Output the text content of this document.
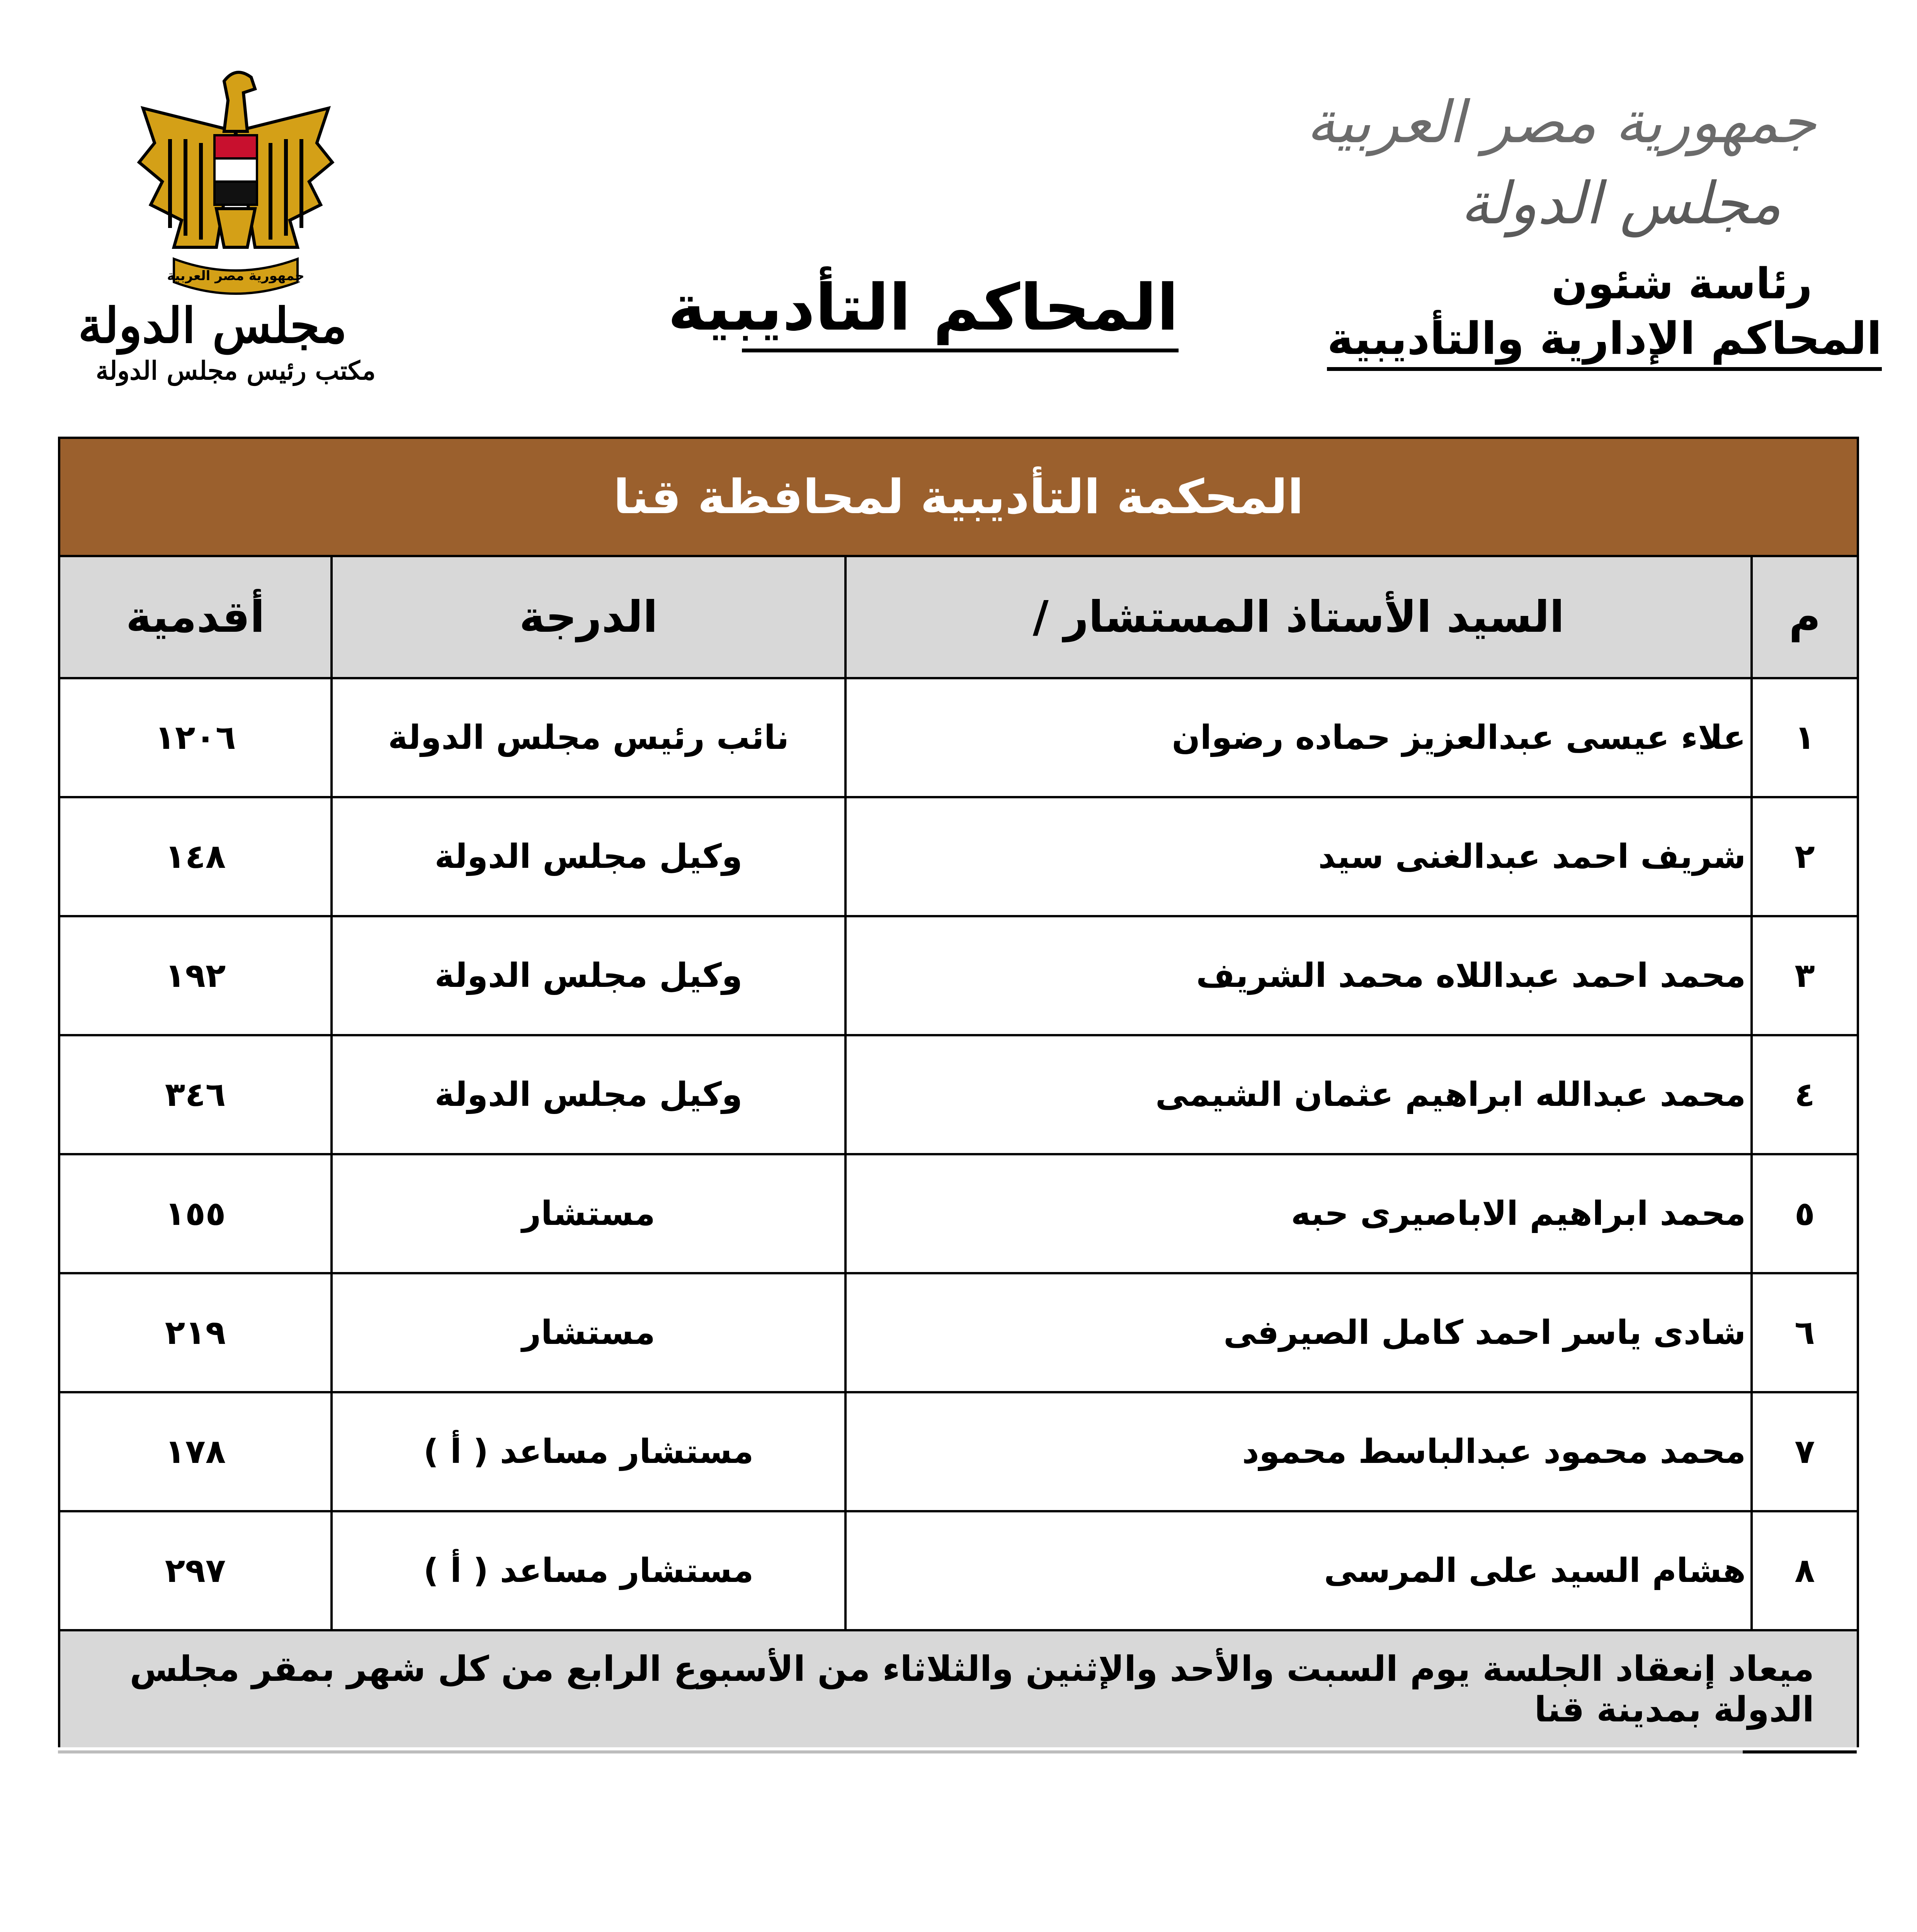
جمهورية مصر العربية
مجلس الدولة
رئاسة شئون
المحاكم الإدارية والتأديبية
المحاكم التأديبية
جمهورية مصر العربية
مجلس الدولة
مكتب رئيس مجلس الدولة
المحكمة التأديبية لمحافظة قنا			
م	السيد الأستاذ المستشار /	الدرجة	أقدمية
١	علاء عيسى عبدالعزيز حماده رضوان	نائب رئيس مجلس الدولة	١٢٠٦
٢	شريف احمد عبدالغنى سيد	وكيل مجلس الدولة	١٤٨
٣	محمد احمد عبداللاه محمد الشريف	وكيل مجلس الدولة	١٩٢
٤	محمد عبدالله ابراهيم عثمان الشيمى	وكيل مجلس الدولة	٣٤٦
٥	محمد ابراهيم الاباصيرى حبه	مستشار	١٥٥
٦	شادى ياسر احمد كامل الصيرفى	مستشار	٢١٩
٧	محمد محمود عبدالباسط محمود	مستشار مساعد ( أ )	١٧٨
٨	هشام السيد على المرسى	مستشار مساعد ( أ )	٢٩٧
ميعاد إنعقاد الجلسة يوم السبت والأحد والإثنين والثلاثاء من الأسبوع الرابع من كل شهر بمقر مجلس الدولة بمدينة قنا			
